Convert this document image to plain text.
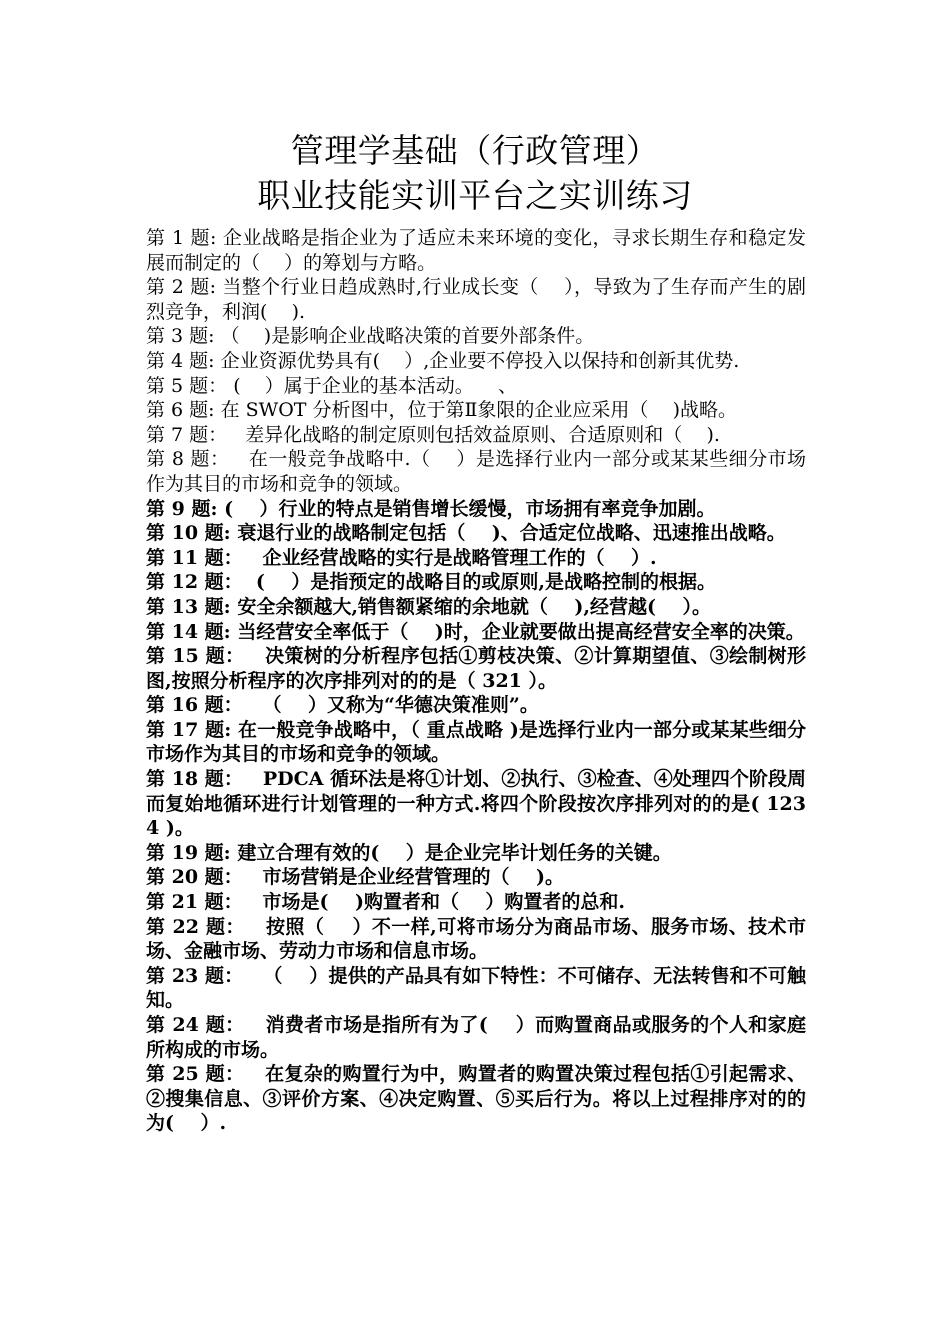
管理学基础（行政管理）
职业技能实训平台之实训练习

第 1 题: 企业战略是指企业为了适应未来环境的变化，寻求长期生存和稳定发展而制定的（    ）的筹划与方略。

第 2 题: 当整个行业日趋成熟时,行业成长变（    ），导致为了生存而产生的剧烈竞争，利润(    ).

第 3 题: （    )是影响企业战略决策的首要外部条件。

第 4 题: 企业资源优势具有(    ）,企业要不停投入以保持和创新其优势.

第 5 题： (    ）属于企业的基本活动。    、

第 6 题: 在 SWOT 分析图中，位于第Ⅱ象限的企业应采用（    )战略。

第 7 题：   差异化战略的制定原则包括效益原则、合适原则和（    ).

第 8 题：   在一般竞争战略中.（    ）是选择行业内一部分或某某些细分市场作为其目的市场和竞争的领域。

第 9 题: (    ）行业的特点是销售增长缓慢，市场拥有率竞争加剧。

第 10 题: 衰退行业的战略制定包括（    )、合适定位战略、迅速推出战略。

第 11 题：   企业经营战略的实行是战略管理工作的（    ）.

第 12 题：  (    ）是指预定的战略目的或原则,是战略控制的根据。

第 13 题: 安全余额越大,销售额紧缩的余地就（    ),经营越(    ）。

第 14 题: 当经营安全率低于（    )时，企业就要做出提高经营安全率的决策。

第 15 题：   决策树的分析程序包括①剪枝决策、②计算期望值、③绘制树形图,按照分析程序的次序排列对的的是（ 321 ）。

第 16 题：   （    ）又称为“华德决策准则”。

第 17 题: 在一般竞争战略中，（ 重点战略 )是选择行业内一部分或某某些细分市场作为其目的市场和竞争的领域。

第 18 题：   PDCA 循环法是将①计划、②执行、③检查、④处理四个阶段周而复始地循环进行计划管理的一种方式.将四个阶段按次序排列对的的是( 1234 )。

第 19 题: 建立合理有效的(    ）是企业完毕计划任务的关键。

第 20 题：   市场营销是企业经营管理的（    )。

第 21 题：   市场是(    )购置者和（    ）购置者的总和.

第 22 题：   按照（    ）不一样,可将市场分为商品市场、服务市场、技术市场、金融市场、劳动力市场和信息市场。

第 23 题：   （    ）提供的产品具有如下特性：不可储存、无法转售和不可触知。

第 24 题：   消费者市场是指所有为了(    ）而购置商品或服务的个人和家庭所构成的市场。

第 25 题：   在复杂的购置行为中，购置者的购置决策过程包括①引起需求、②搜集信息、③评价方案、④决定购置、⑤买后行为。将以上过程排序对的的为(    ）.
